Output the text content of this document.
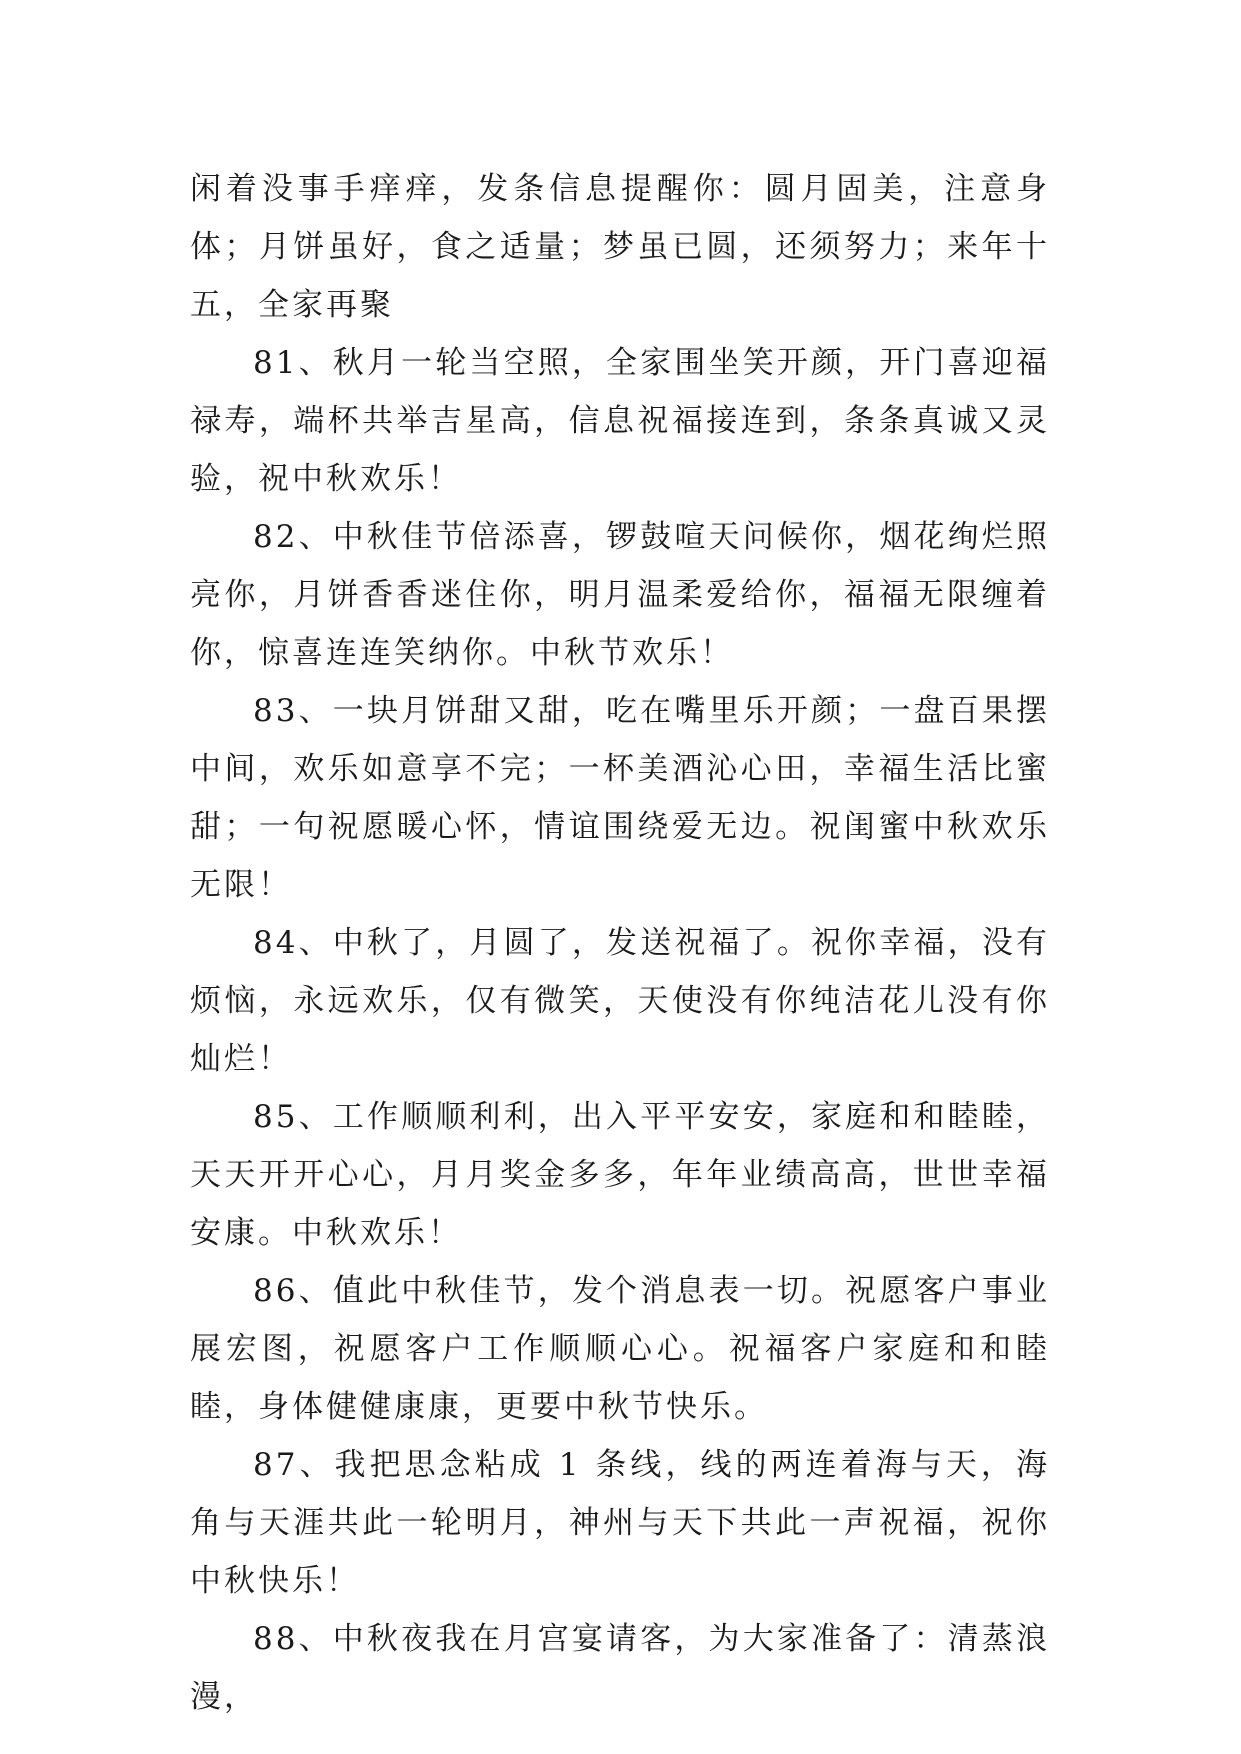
闲着没事手痒痒，发条信息提醒你：圆月固美，注意身体；月饼虽好，食之适量；梦虽已圆，还须努力；来年十五，全家再聚

81、秋月一轮当空照，全家围坐笑开颜，开门喜迎福禄寿，端杯共举吉星高，信息祝福接连到，条条真诚又灵验，祝中秋欢乐！

82、中秋佳节倍添喜，锣鼓喧天问候你，烟花绚烂照亮你，月饼香香迷住你，明月温柔爱给你，福福无限缠着你，惊喜连连笑纳你。中秋节欢乐！

83、一块月饼甜又甜，吃在嘴里乐开颜；一盘百果摆中间，欢乐如意享不完；一杯美酒沁心田，幸福生活比蜜甜；一句祝愿暖心怀，情谊围绕爱无边。祝闺蜜中秋欢乐无限！

84、中秋了，月圆了，发送祝福了。祝你幸福，没有烦恼，永远欢乐，仅有微笑，天使没有你纯洁花儿没有你灿烂！

85、工作顺顺利利，出入平平安安，家庭和和睦睦，天天开开心心，月月奖金多多，年年业绩高高，世世幸福安康。中秋欢乐！

86、值此中秋佳节，发个消息表一切。祝愿客户事业展宏图，祝愿客户工作顺顺心心。祝福客户家庭和和睦睦，身体健健康康，更要中秋节快乐。

87、我把思念粘成 1 条线，线的两连着海与天，海角与天涯共此一轮明月，神州与天下共此一声祝福，祝你中秋快乐！

88、中秋夜我在月宫宴请客，为大家准备了：清蒸浪漫，
